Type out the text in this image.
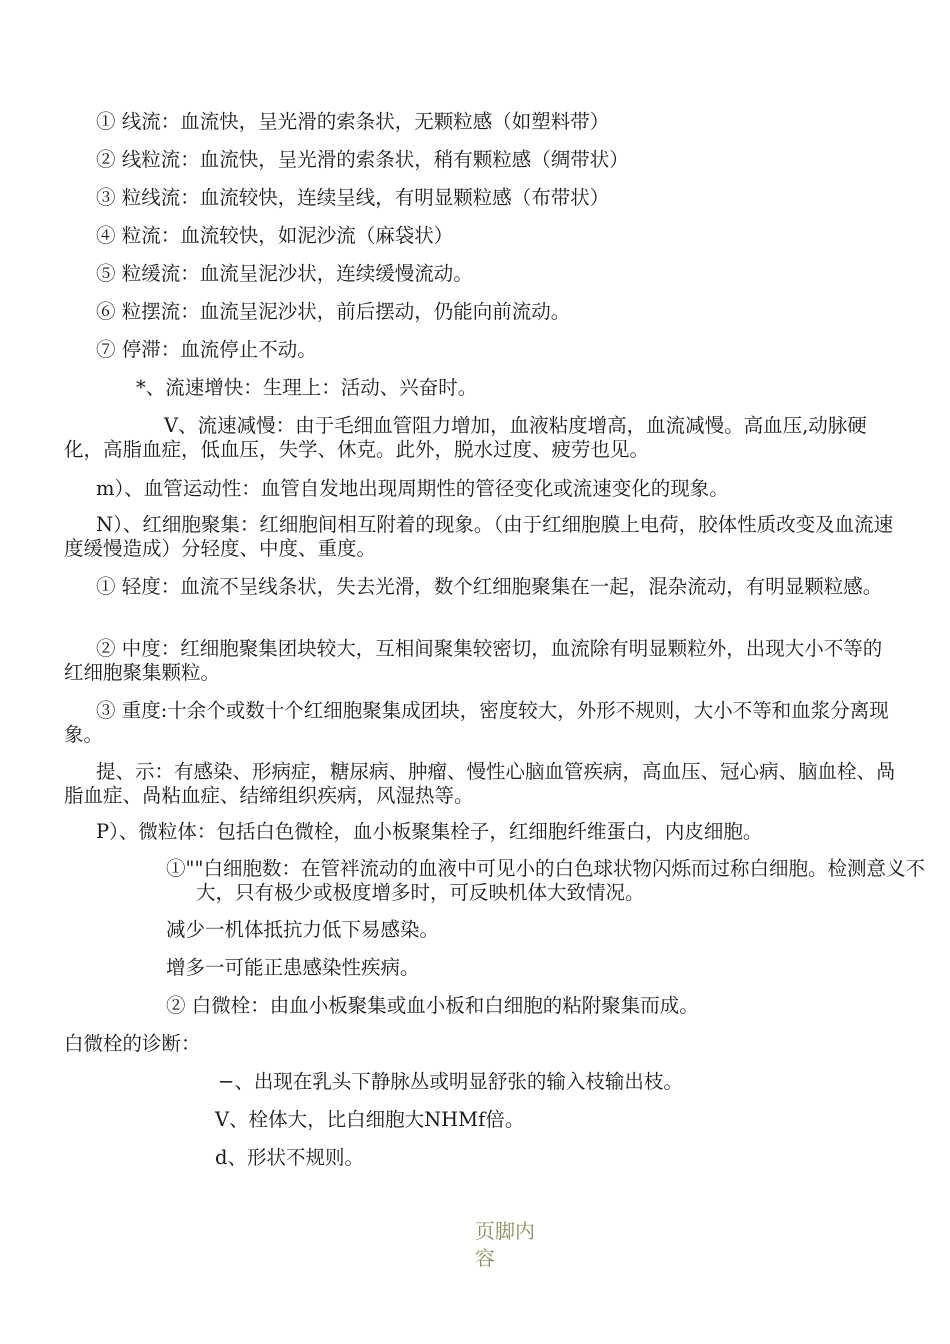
① 线流：血流快，呈光滑的索条状，无颗粒感（如塑料带）
② 线粒流：血流快，呈光滑的索条状，稍有颗粒感（绸带状）
③ 粒线流：血流较快，连续呈线，有明显颗粒感（布带状）
④ 粒流：血流较快，如泥沙流（麻袋状）
⑤ 粒缓流：血流呈泥沙状，连续缓慢流动。
⑥ 粒摆流：血流呈泥沙状，前后摆动，仍能向前流动。
⑦ 停滞：血流停止不动。
*、流速增快：生理上：活动、兴奋时。
V、流速减慢：由于毛细血管阻力增加，血液粘度增高，血流减慢。高血压,动脉硬化，高脂血症，低血压，失学、休克。此外，脱水过度、疲劳也见。
m）、血管运动性：血管自发地出现周期性的管径变化或流速变化的现象。
N）、红细胞聚集：红细胞间相互附着的现象。（由于红细胞膜上电荷，胶体性质改变及血流速度缓慢造成）分轻度、中度、重度。
① 轻度：血流不呈线条状，失去光滑，数个红细胞聚集在一起，混杂流动，有明显颗粒感。
② 中度：红细胞聚集团块较大，互相间聚集较密切，血流除有明显颗粒外，出现大小不等的红细胞聚集颗粒。
③ 重度:十余个或数十个红细胞聚集成团块，密度较大，外形不规则，大小不等和血浆分离现象。
提、示：有感染、形病症，糖尿病、肿瘤、慢性心脑血管疾病，高血压、冠心病、脑血栓、咼脂血症、咼粘血症、结缔组织疾病，风湿热等。
P）、微粒体：包括白色微栓，血小板聚集栓子，红细胞纤维蛋白，内皮细胞。
①""白细胞数：在管袢流动的血液中可见小的白色球状物闪烁而过称白细胞。检测意义不大，只有极少或极度增多时，可反映机体大致情况。
减少一机体抵抗力低下易感染。
增多一可能正患感染性疾病。
② 白微栓：由血小板聚集或血小板和白细胞的粘附聚集而成。
白微栓的诊断：
−、出现在乳头下静脉丛或明显舒张的输入枝输出枝。
V、栓体大，比白细胞大NHMf倍。
d、形状不规则。
页脚内容
